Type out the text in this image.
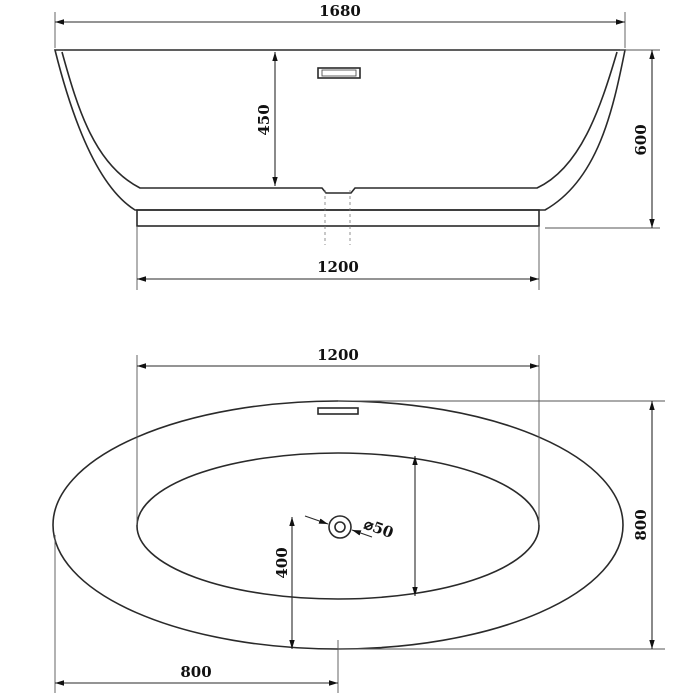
1680
450
600
1200
1200
800
400
⌀50
800
